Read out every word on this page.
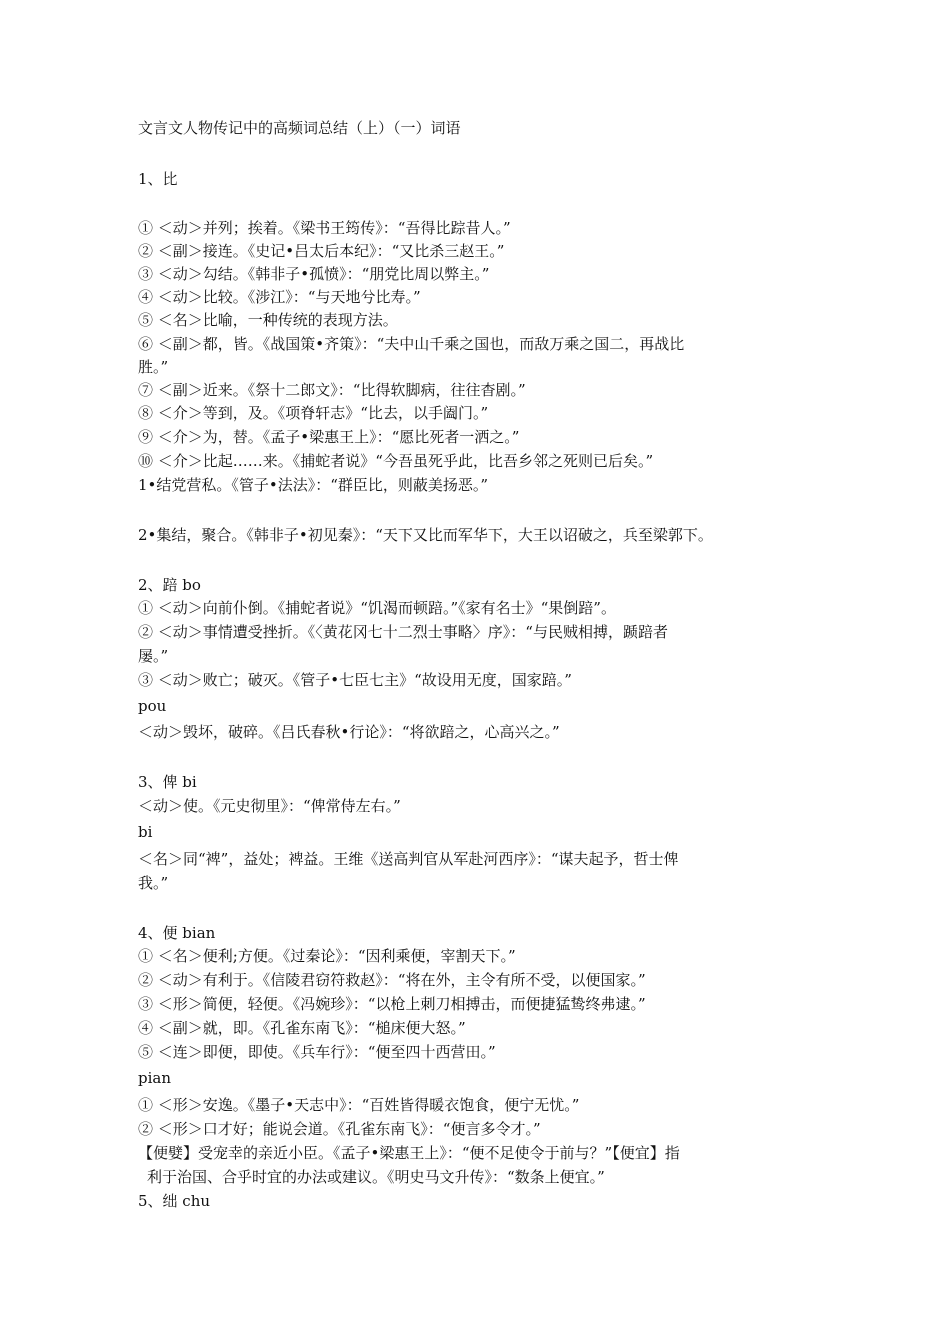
文言文人物传记中的高频词总结（上）（一）词语
1、比
① ＜动＞并列；挨着。《梁书王筠传》：“吾得比踪昔人。”
② ＜副＞接连。《史记•吕太后本纪》：“又比杀三赵王。”
③ ＜动＞勾结。《韩非子•孤愤》：“朋党比周以弊主。”
④ ＜动＞比较。《涉江》：“与天地兮比寿。”
⑤ ＜名＞比喻，一种传统的表现方法。
⑥ ＜副＞都，皆。《战国策•齐策》：“夫中山千乘之国也，而敌万乘之国二，再战比
胜。”
⑦ ＜副＞近来。《祭十二郎文》：“比得软脚病，往往杳剧。”
⑧ ＜介＞等到，及。《项脊轩志》“比去，以手阖门。”
⑨ ＜介＞为，替。《孟子•梁惠王上》：“愿比死者一洒之。”
⑩ ＜介＞比起……来。《捕蛇者说》“今吾虽死乎此，比吾乡邻之死则已后矣。”
1•结党营私。《管子•法法》：“群臣比，则蔽美扬恶。”
2•集结，聚合。《韩非子•初见秦》：“天下又比而军华下，大王以诏破之，兵至梁郭下。
2、踣 bo
① ＜动＞向前仆倒。《捕蛇者说》“饥渴而顿踣。”《家有名士》“果倒踣”。
② ＜动＞事情遭受挫折。《〈黄花冈七十二烈士事略〉序》：“与民贼相搏，踬踣者
屡。”
③ ＜动＞败亡；破灭。《管子•七臣七主》“故设用无度，国家踣。”
pou
＜动＞毁坏，破碎。《吕氏春秋•行论》：“将欲踣之，心高兴之。”
3、俾 bi
＜动＞使。《元史彻里》：“俾常侍左右。”
bi
＜名＞同“裨”，益处；裨益。王维《送高判官从军赴河西序》：“谋夫起予，哲士俾
我。”
4、便 bian
① ＜名＞便利;方便。《过秦论》：“因利乘便，宰割天下。”
② ＜动＞有利于。《信陵君窃符救赵》：“将在外，主令有所不受，以便国家。”
③ ＜形＞简便，轻便。《冯婉珍》：“以枪上刺刀相搏击，而便捷猛鸷终弗逮。”
④ ＜副＞就，即。《孔雀东南飞》：“槌床便大怒。”
⑤ ＜连＞即便，即使。《兵车行》：“便至四十西营田。”
pian
① ＜形＞安逸。《墨子•天志中》：“百姓皆得暖衣饱食，便宁无忧。”
② ＜形＞口才好；能说会道。《孔雀东南飞》：“便言多令才。”
【便嬖】受宠幸的亲近小臣。《孟子•梁惠王上》：“便不足使令于前与？”【便宜】指
利于治国、合乎时宜的办法或建议。《明史马文升传》：“数条上便宜。”
5、绌 chu
